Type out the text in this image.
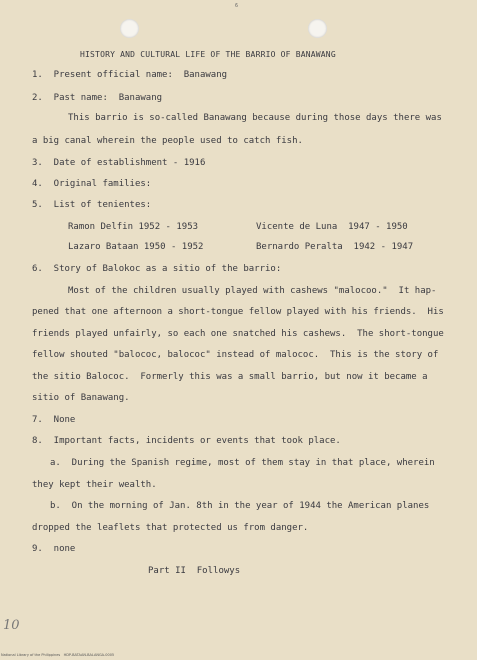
6
HISTORY AND CULTURAL LIFE OF THE BARRIO OF BANAWANG
1.  Present official name:  Banawang
2.  Past name:  Banawang
This barrio is so-called Banawang because during those days there was
a big canal wherein the people used to catch fish.
3.  Date of establishment - 1916
4.  Original families:
5.  List of tenientes:
Ramon Delfin 1952 - 1953	Vicente de Luna  1947 - 1950
Lazaro Bataan 1950 - 1952	Bernardo Peralta  1942 - 1947
6.  Story of Balokoc as a sitio of the barrio:
Most of the children usually played with cashews "malocoo."  It hap-
pened that one afternoon a short-tongue fellow played with his friends.  His
friends played unfairly, so each one snatched his cashews.  The short-tongue
fellow shouted "balococ, balococ" instead of malococ.  This is the story of
the sitio Balococ.  Formerly this was a small barrio, but now it became a
sitio of Banawang.
7.  None
8.  Important facts, incidents or events that took place.
a.  During the Spanish regime, most of them stay in that place, wherein
they kept their wealth.
b.  On the morning of Jan. 8th in the year of 1944 the American planes
dropped the leaflets that protected us from danger.
9.  none
Part II  Followys
10
National Library of the Philippines   HDP-BATAAN-BALANGA-0005
